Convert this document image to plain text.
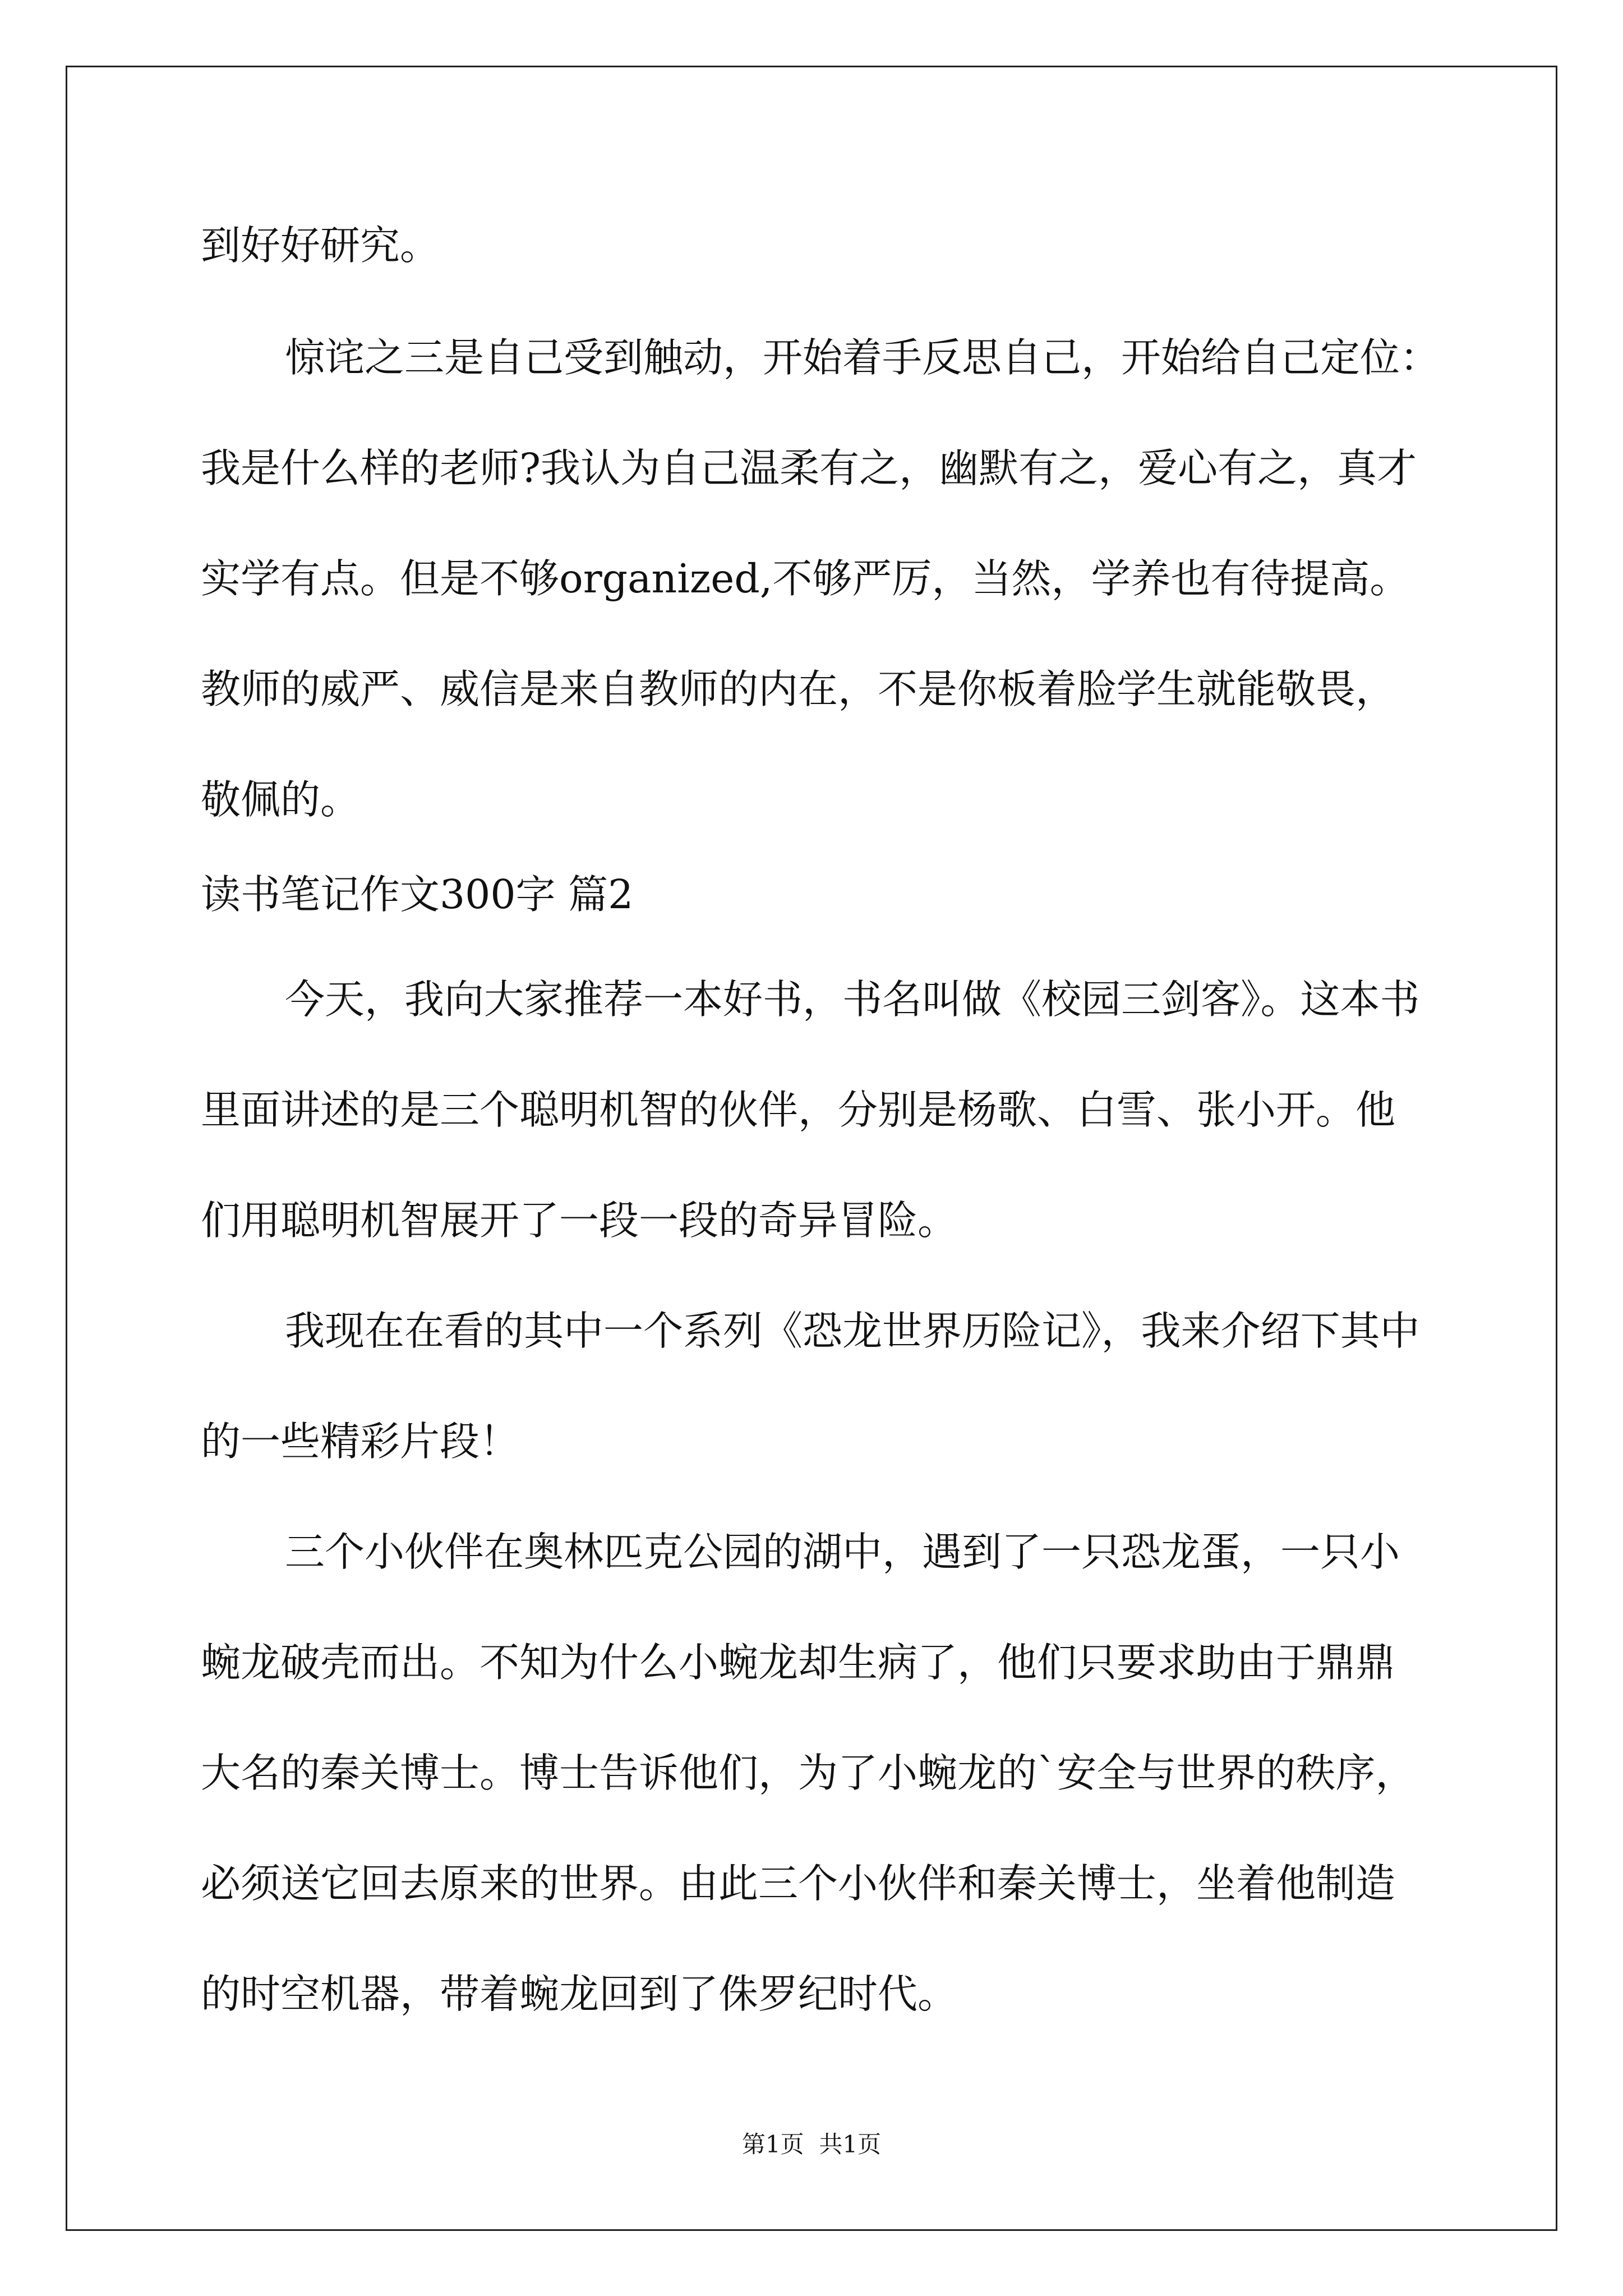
到好好研究。
惊诧之三是自己受到触动，开始着手反思自己，开始给自己定位：
我是什么样的老师?我认为自己温柔有之，幽默有之，爱心有之，真才
实学有点。但是不够organized,不够严厉，当然，学养也有待提高。
教师的威严、威信是来自教师的内在，不是你板着脸学生就能敬畏，
敬佩的。
读书笔记作文300字 篇2
今天，我向大家推荐一本好书，书名叫做《校园三剑客》。这本书
里面讲述的是三个聪明机智的伙伴，分别是杨歌、白雪、张小开。他
们用聪明机智展开了一段一段的奇异冒险。
我现在在看的其中一个系列《恐龙世界历险记》，我来介绍下其中
的一些精彩片段！
三个小伙伴在奥林匹克公园的湖中，遇到了一只恐龙蛋，一只小
蜿龙破壳而出。不知为什么小蜿龙却生病了，他们只要求助由于鼎鼎
大名的秦关博士。博士告诉他们，为了小蜿龙的`安全与世界的秩序，
必须送它回去原来的世界。由此三个小伙伴和秦关博士，坐着他制造
的时空机器，带着蜿龙回到了侏罗纪时代。
第1页  共1页
